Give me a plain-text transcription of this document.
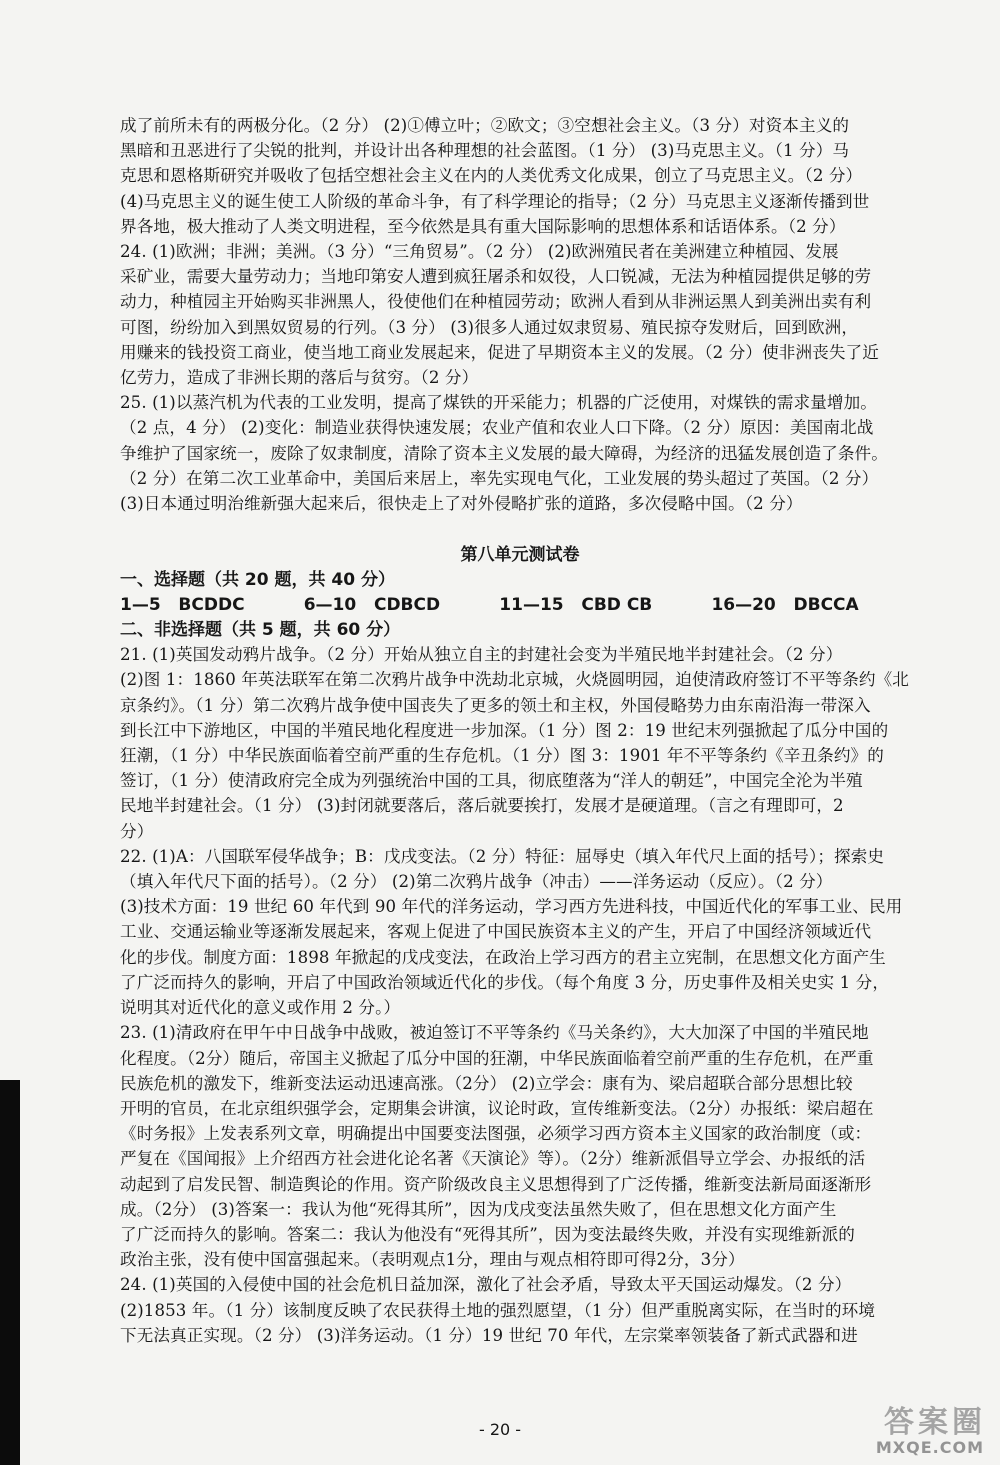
成了前所未有的两极分化。（2 分） (2)①傅立叶；②欧文；③空想社会主义。（3 分）对资本主义的
黑暗和丑恶进行了尖锐的批判，并设计出各种理想的社会蓝图。（1 分） (3)马克思主义。（1 分）马
克思和恩格斯研究并吸收了包括空想社会主义在内的人类优秀文化成果，创立了马克思主义。（2 分）
(4)马克思主义的诞生使工人阶级的革命斗争，有了科学理论的指导；（2 分）马克思主义逐渐传播到世
界各地，极大推动了人类文明进程，至今依然是具有重大国际影响的思想体系和话语体系。（2 分）
24. (1)欧洲；非洲；美洲。（3 分）“三角贸易”。（2 分） (2)欧洲殖民者在美洲建立种植园、发展
采矿业，需要大量劳动力；当地印第安人遭到疯狂屠杀和奴役，人口锐减，无法为种植园提供足够的劳
动力，种植园主开始购买非洲黑人，役使他们在种植园劳动；欧洲人看到从非洲运黑人到美洲出卖有利
可图，纷纷加入到黑奴贸易的行列。（3 分） (3)很多人通过奴隶贸易、殖民掠夺发财后，回到欧洲，
用赚来的钱投资工商业，使当地工商业发展起来，促进了早期资本主义的发展。（2 分）使非洲丧失了近
亿劳力，造成了非洲长期的落后与贫穷。（2 分）
25. (1)以蒸汽机为代表的工业发明，提高了煤铁的开采能力；机器的广泛使用，对煤铁的需求量增加。
（2 点，4 分） (2)变化：制造业获得快速发展；农业产值和农业人口下降。（2 分）原因：美国南北战
争维护了国家统一，废除了奴隶制度，清除了资本主义发展的最大障碍，为经济的迅猛发展创造了条件。
（2 分）在第二次工业革命中，美国后来居上，率先实现电气化，工业发展的势头超过了英国。（2 分）
(3)日本通过明治维新强大起来后，很快走上了对外侵略扩张的道路，多次侵略中国。（2 分）
第八单元测试卷
一、选择题（共 20 题，共 40 分）
1—5   BCDDC          6—10   CDBCD          11—15   CBD CB          16—20   DBCCA
二、非选择题（共 5 题，共 60 分）
21. (1)英国发动鸦片战争。（2 分）开始从独立自主的封建社会变为半殖民地半封建社会。（2 分）
(2)图 1：1860 年英法联军在第二次鸦片战争中洗劫北京城，火烧圆明园，迫使清政府签订不平等条约《北
京条约》。（1 分）第二次鸦片战争使中国丧失了更多的领土和主权，外国侵略势力由东南沿海一带深入
到长江中下游地区，中国的半殖民地化程度进一步加深。（1 分）图 2：19 世纪末列强掀起了瓜分中国的
狂潮，（1 分）中华民族面临着空前严重的生存危机。（1 分）图 3：1901 年不平等条约《辛丑条约》的
签订，（1 分）使清政府完全成为列强统治中国的工具，彻底堕落为“洋人的朝廷”，中国完全沦为半殖
民地半封建社会。（1 分） (3)封闭就要落后，落后就要挨打，发展才是硬道理。（言之有理即可，2
分）
22. (1)A：八国联军侵华战争；B：戊戌变法。（2 分）特征：屈辱史（填入年代尺上面的括号）；探索史
（填入年代尺下面的括号）。（2 分） (2)第二次鸦片战争（冲击）——洋务运动（反应）。（2 分）
(3)技术方面：19 世纪 60 年代到 90 年代的洋务运动，学习西方先进科技，中国近代化的军事工业、民用
工业、交通运输业等逐渐发展起来，客观上促进了中国民族资本主义的产生，开启了中国经济领域近代
化的步伐。制度方面：1898 年掀起的戊戌变法，在政治上学习西方的君主立宪制，在思想文化方面产生
了广泛而持久的影响，开启了中国政治领域近代化的步伐。（每个角度 3 分，历史事件及相关史实 1 分，
说明其对近代化的意义或作用 2 分。）
23. (1)清政府在甲午中日战争中战败，被迫签订不平等条约《马关条约》，大大加深了中国的半殖民地
化程度。（2分）随后，帝国主义掀起了瓜分中国的狂潮，中华民族面临着空前严重的生存危机，在严重
民族危机的激发下，维新变法运动迅速高涨。（2分） (2)立学会：康有为、梁启超联合部分思想比较
开明的官员，在北京组织强学会，定期集会讲演，议论时政，宣传维新变法。（2分）办报纸：梁启超在
《时务报》上发表系列文章，明确提出中国要变法图强，必须学习西方资本主义国家的政治制度（或：
严复在《国闻报》上介绍西方社会进化论名著《天演论》等）。（2分）维新派倡导立学会、办报纸的活
动起到了启发民智、制造舆论的作用。资产阶级改良主义思想得到了广泛传播，维新变法新局面逐渐形
成。（2分） (3)答案一：我认为他“死得其所”，因为戊戌变法虽然失败了，但在思想文化方面产生
了广泛而持久的影响。答案二：我认为他没有“死得其所”，因为变法最终失败，并没有实现维新派的
政治主张，没有使中国富强起来。（表明观点1分，理由与观点相符即可得2分，3分）
24. (1)英国的入侵使中国的社会危机日益加深，激化了社会矛盾，导致太平天国运动爆发。（2 分）
(2)1853 年。（1 分）该制度反映了农民获得土地的强烈愿望，（1 分）但严重脱离实际，在当时的环境
下无法真正实现。（2 分） (3)洋务运动。（1 分）19 世纪 70 年代，左宗棠率领装备了新式武器和进
- 20 -	答案圈
MXQE.COM
